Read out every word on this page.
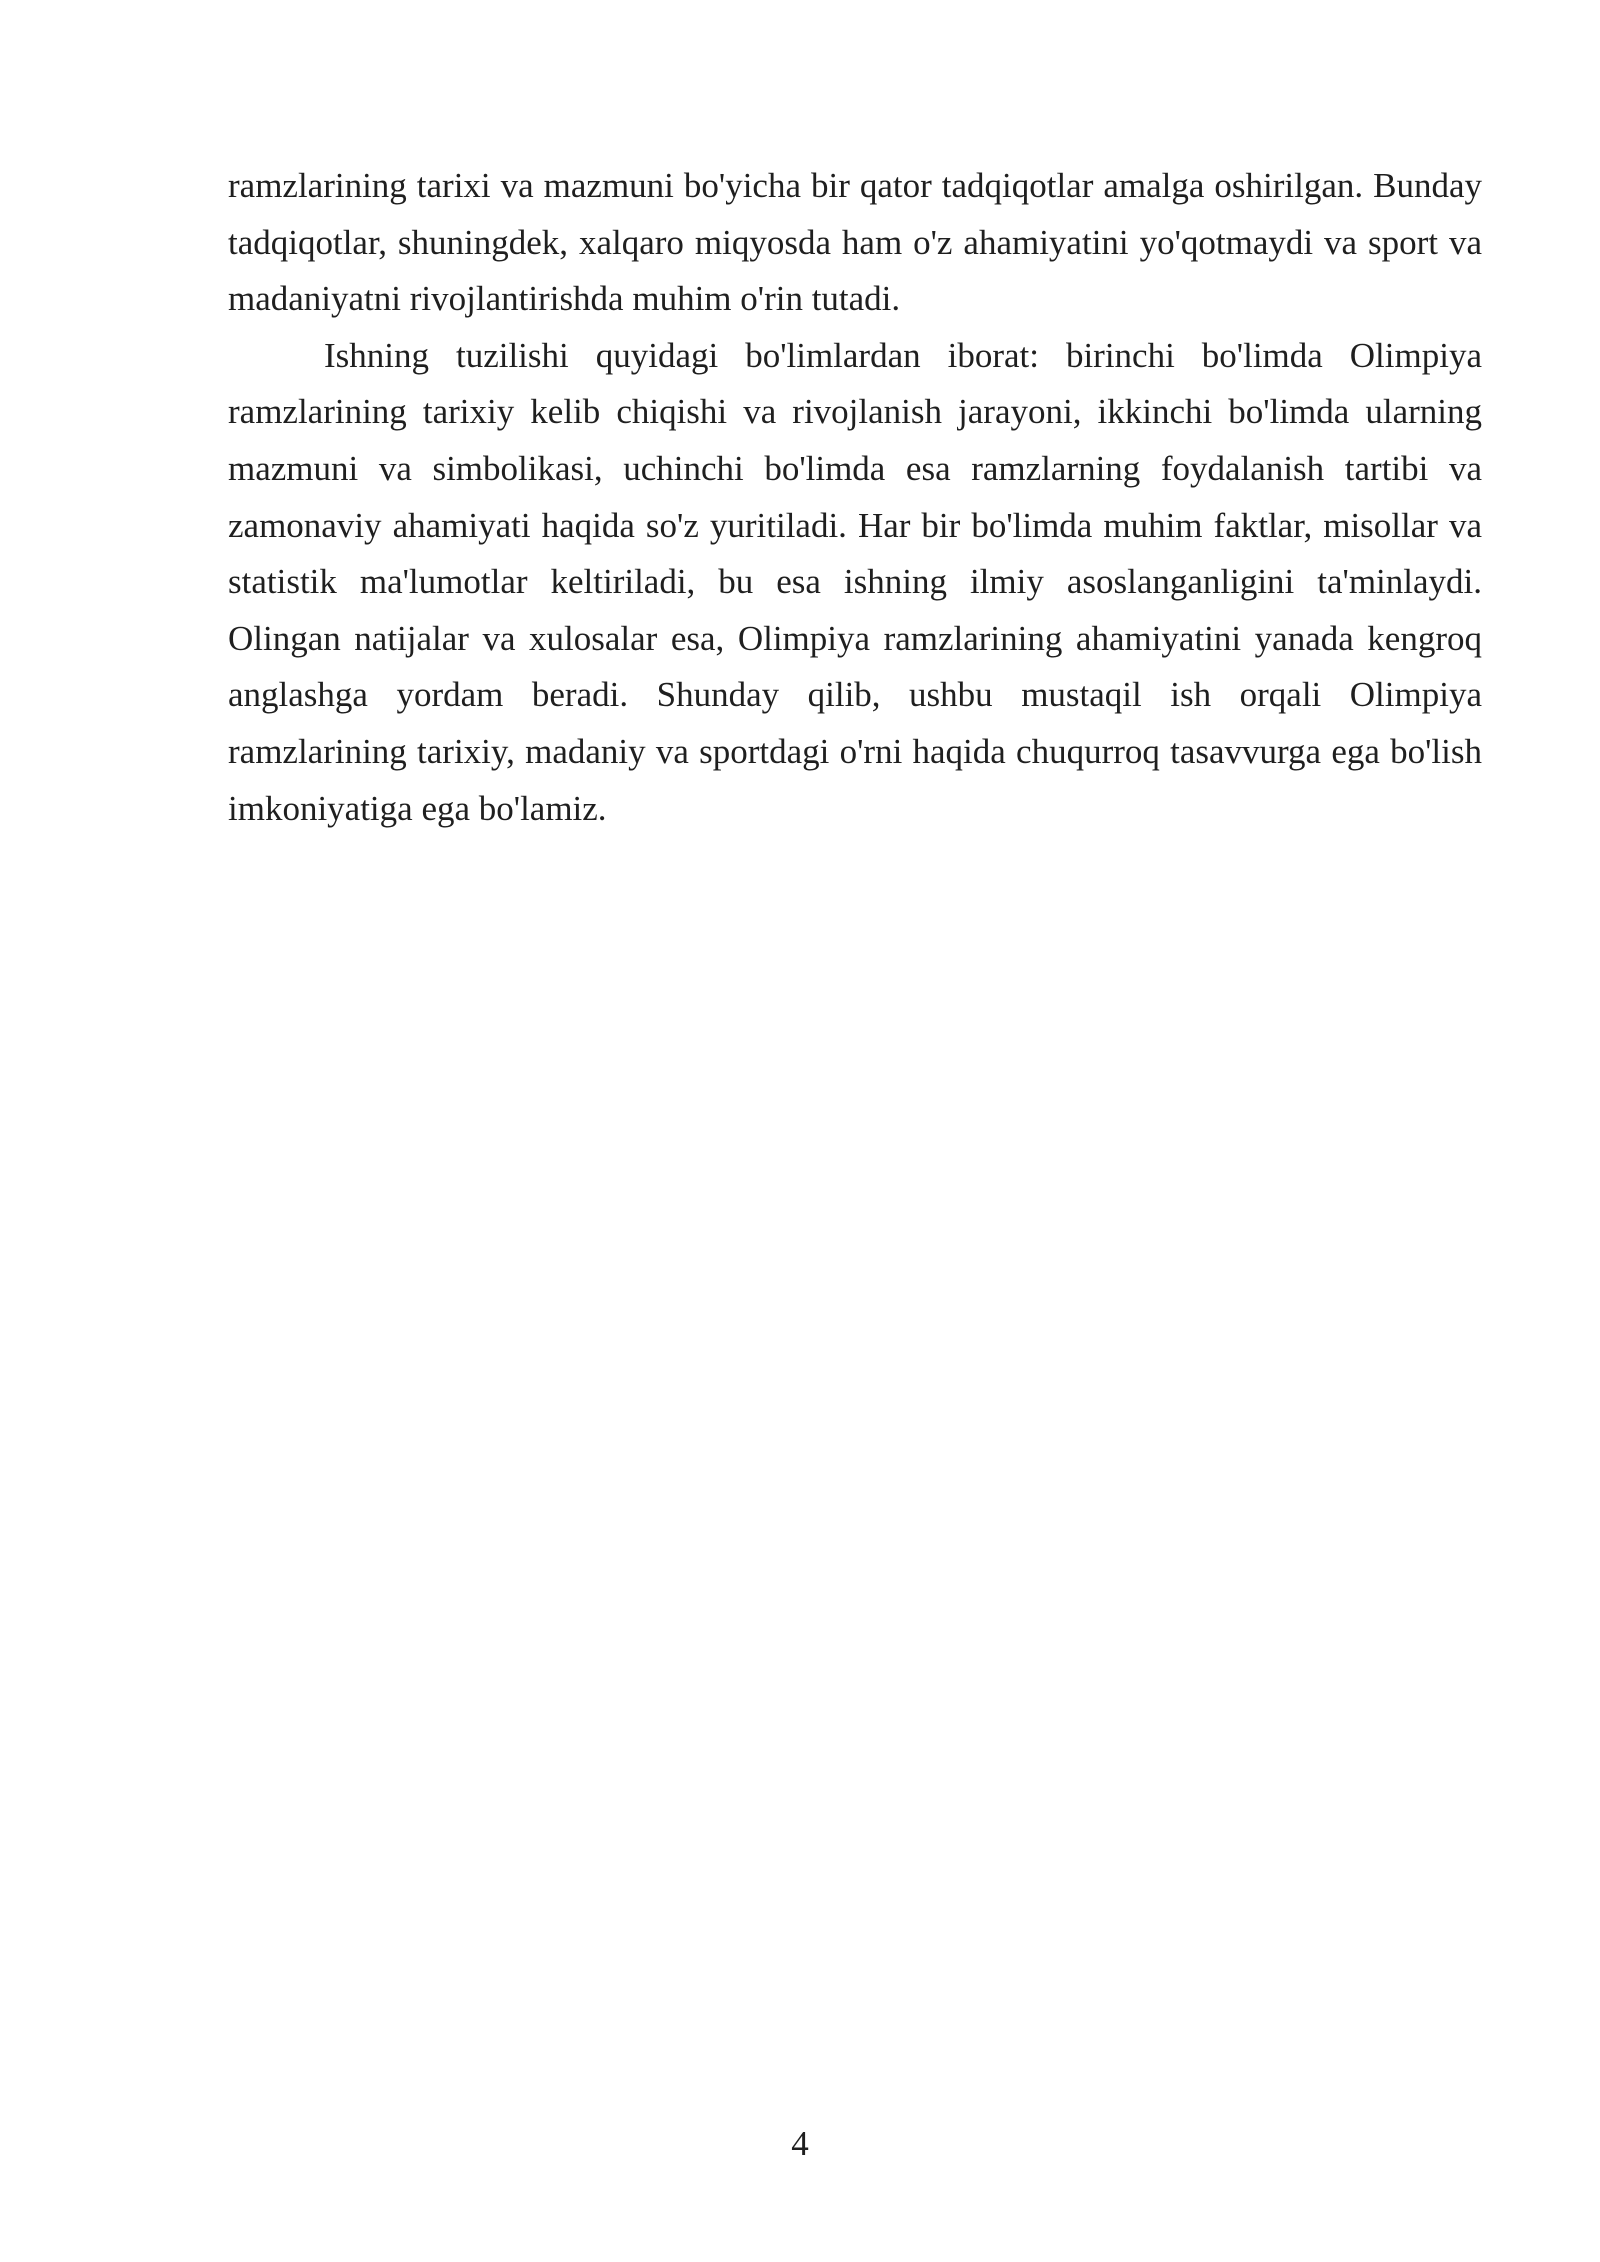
ramzlarining tarixi va mazmuni bo'yicha bir qator tadqiqotlar amalga oshirilgan. Bunday tadqiqotlar, shuningdek, xalqaro miqyosda ham o'z ahamiyatini yo'qotmaydi va sport va madaniyatni rivojlantirishda muhim o'rin tutadi.

Ishning tuzilishi quyidagi bo'limlardan iborat: birinchi bo'limda Olimpiya ramzlarining tarixiy kelib chiqishi va rivojlanish jarayoni, ikkinchi bo'limda ularning mazmuni va simbolikasi, uchinchi bo'limda esa ramzlarning foydalanish tartibi va zamonaviy ahamiyati haqida so'z yuritiladi. Har bir bo'limda muhim faktlar, misollar va statistik ma'lumotlar keltiriladi, bu esa ishning ilmiy asoslanganligini ta'minlaydi. Olingan natijalar va xulosalar esa, Olimpiya ramzlarining ahamiyatini yanada kengroq anglashga yordam beradi. Shunday qilib, ushbu mustaqil ish orqali Olimpiya ramzlarining tarixiy, madaniy va sportdagi o'rni haqida chuqurroq tasavvurga ega bo'lish imkoniyatiga ega bo'lamiz.

4
